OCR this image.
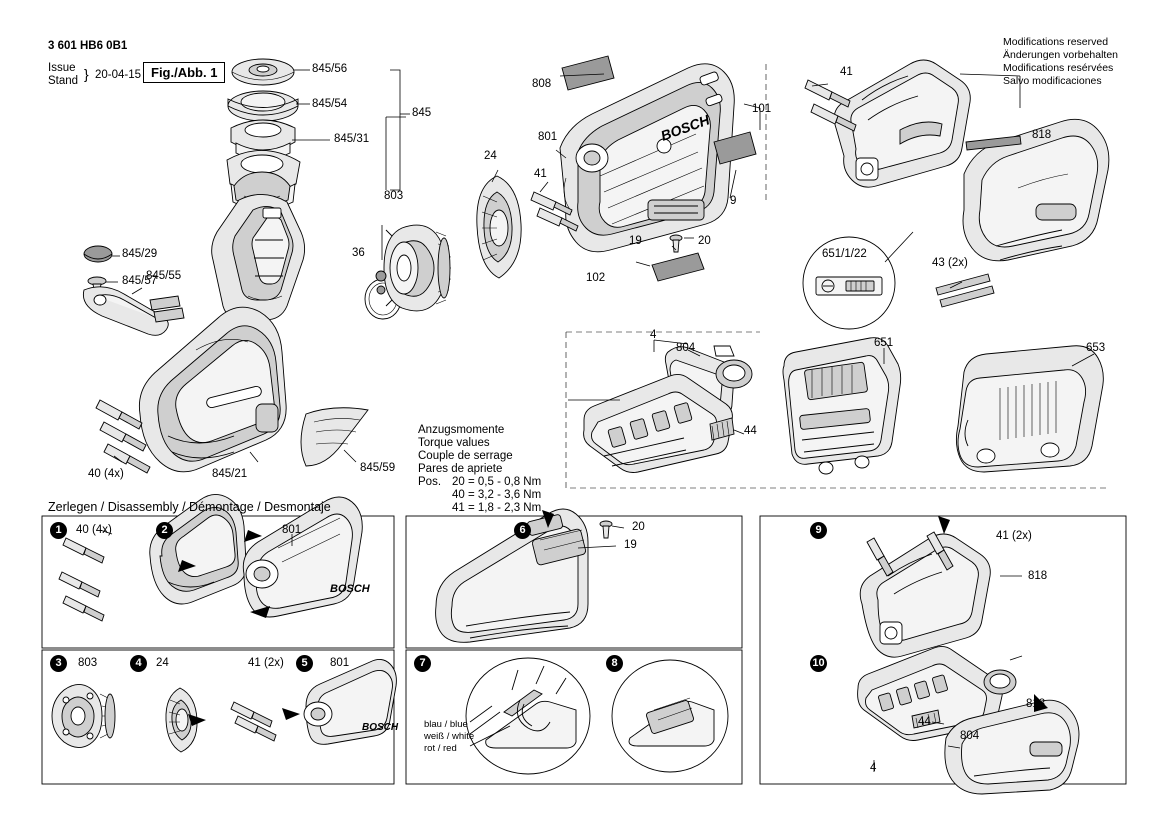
3 601 HB6 0B1
Issue
Stand } 20-04-15 Fig./Abb. 1
Modifications reserved
Änderungen vorbehalten
Modifications resérvées
Salvo modificaciones
BOSCH
BOSCH
BOSCH
845/56
845/54
845/31
845
845/29
845/57
845/55
803
36
24
801
41
19	20
808
101
9
102
41
818
43 (2x)
651/1/22
4
804
44
651	653
40 (4x)	845/21	845/59
Anzugsmomente
Torque values
Couple de serrage
Pares de apriete
Pos. 20 = 0,5 - 0,8 Nm
40 = 3,2 - 3,6 Nm
41 = 1,8 - 2,3 Nm
Zerlegen / Disassembly / Démontage / Desmontaje
1	2
3	4	5
6
7	8
9
10
40 (4x)	801
803	24	41 (2x)	801
20
19
blau / blue
weiß / white
rot / red
41 (2x)
818
818
44
804
4
